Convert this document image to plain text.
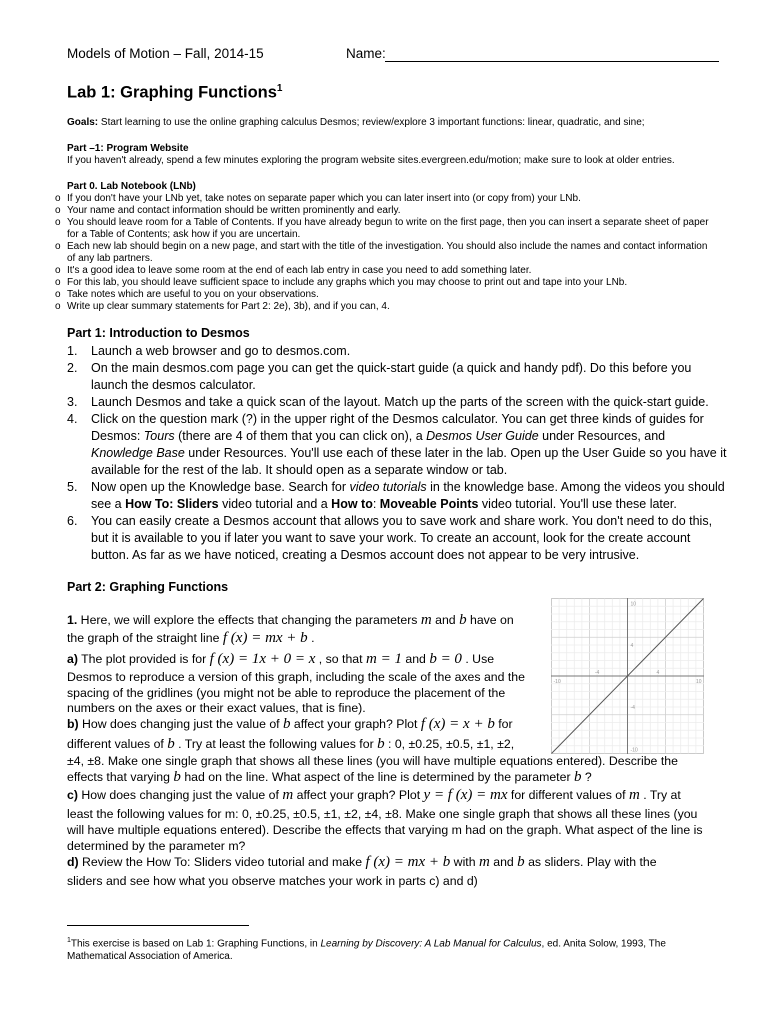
Models of Motion – Fall, 2014-15	Name:
Lab 1: Graphing Functions$^1$
Goals: Start learning to use the online graphing calculus Desmos; review/explore 3 important functions: linear, quadratic, and sine;
Part –1: Program Website
If you haven't already, spend a few minutes exploring the program website sites.evergreen.edu/motion; make sure to look at older entries.
Part 0. Lab Notebook (LNb)
o If you don't have your LNb yet, take notes on separate paper which you can later insert into (or copy from) your LNb.
o Your name and contact information should be written prominently and early.
o You should leave room for a Table of Contents. If you have already begun to write on the first page, then you can insert a separate sheet of paper for a Table of Contents; ask how if you are uncertain.
o Each new lab should begin on a new page, and start with the title of the investigation. You should also include the names and contact information of any lab partners.
o It's a good idea to leave some room at the end of each lab entry in case you need to add something later.
o For this lab, you should leave sufficient space to include any graphs which you may choose to print out and tape into your LNb.
o Take notes which are useful to you on your observations.
o Write up clear summary statements for Part 2: 2e), 3b), and if you can, 4.
Part 1: Introduction to Desmos
1. Launch a web browser and go to desmos.com.
2. On the main desmos.com page you can get the quick-start guide (a quick and handy pdf). Do this before you launch the desmos calculator.
3. Launch Desmos and take a quick scan of the layout. Match up the parts of the screen with the quick-start guide.
4. Click on the question mark (?) in the upper right of the Desmos calculator. You can get three kinds of guides for Desmos: Tours (there are 4 of them that you can click on), a Desmos User Guide under Resources, and Knowledge Base under Resources. You'll use each of these later in the lab. Open up the User Guide so you have it available for the rest of the lab. It should open as a separate window or tab.
5. Now open up the Knowledge base. Search for video tutorials in the knowledge base. Among the videos you should see a How To: Sliders video tutorial and a How to: Moveable Points video tutorial. You'll use these later.
6. You can easily create a Desmos account that allows you to save work and share work. You don't need to do this, but it is available to you if later you want to save your work. To create an account, look for the create account button. As far as we have noticed, creating a Desmos account does not appear to be very intrusive.
Part 2: Graphing Functions
1. Here, we will explore the effects that changing the parameters m and b have on
the graph of the straight line f (x) = mx + b .
a) The plot provided is for f (x) = 1x + 0 = x , so that m = 1 and b = 0 . Use
Desmos to reproduce a version of this graph, including the scale of the axes and the
spacing of the gridlines (you might not be able to reproduce the placement of the
numbers on the axes or their exact values, that is fine).
b) How does changing just the value of b affect your graph? Plot f (x) = x + b for
different values of b . Try at least the following values for b : 0, ±0.25, ±0.5, ±1, ±2,
±4, ±8. Make one single graph that shows all these lines (you will have multiple equations entered). Describe the
effects that varying b had on the line. What aspect of the line is determined by the parameter b ?
c) How does changing just the value of m affect your graph? Plot y = f (x) = mx for different values of m . Try at
least the following values for m: 0, ±0.25, ±0.5, ±1, ±2, ±4, ±8. Make one single graph that shows all these lines (you
will have multiple equations entered). Describe the effects that varying m had on the graph. What aspect of the line is
determined by the parameter m?
d) Review the How To: Sliders video tutorial and make f (x) = mx + b with m and b as sliders. Play with the
sliders and see how what you observe matches your work in parts c) and d)
10
-10
10
-10
4
-4
4
-4
$^1$This exercise is based on Lab 1: Graphing Functions, in Learning by Discovery: A Lab Manual for Calculus, ed. Anita Solow, 1993, The Mathematical Association of America.
